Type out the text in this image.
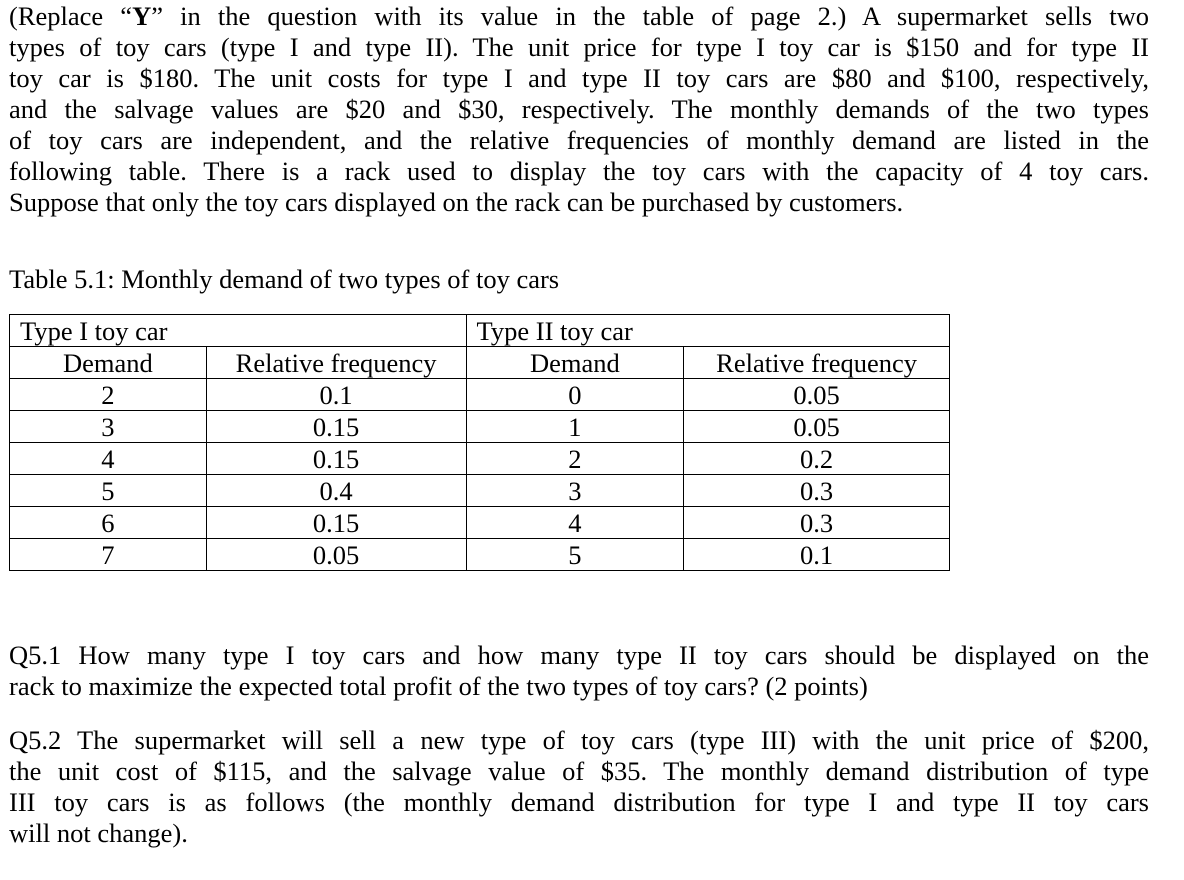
(Replace “Y” in the question with its value in the table of page 2.) A supermarket sells two
types of toy cars (type I and type II). The unit price for type I toy car is $150 and for type II
toy car is $180. The unit costs for type I and type II toy cars are $80 and $100, respectively,
and the salvage values are $20 and $30, respectively. The monthly demands of the two types
of toy cars are independent, and the relative frequencies of monthly demand are listed in the
following table. There is a rack used to display the toy cars with the capacity of 4 toy cars.
Suppose that only the toy cars displayed on the rack can be purchased by customers.

Table 5.1: Monthly demand of two types of toy cars

Type I toy car		Type II toy car	
Demand	Relative frequency	Demand	Relative frequency
2	0.1	0	0.05
3	0.15	1	0.05
4	0.15	2	0.2
5	0.4	3	0.3
6	0.15	4	0.3
7	0.05	5	0.1

Q5.1 How many type I toy cars and how many type II toy cars should be displayed on the
rack to maximize the expected total profit of the two types of toy cars? (2 points)

Q5.2 The supermarket will sell a new type of toy cars (type III) with the unit price of $200,
the unit cost of $115, and the salvage value of $35. The monthly demand distribution of type
III toy cars is as follows (the monthly demand distribution for type I and type II toy cars
will not change).
